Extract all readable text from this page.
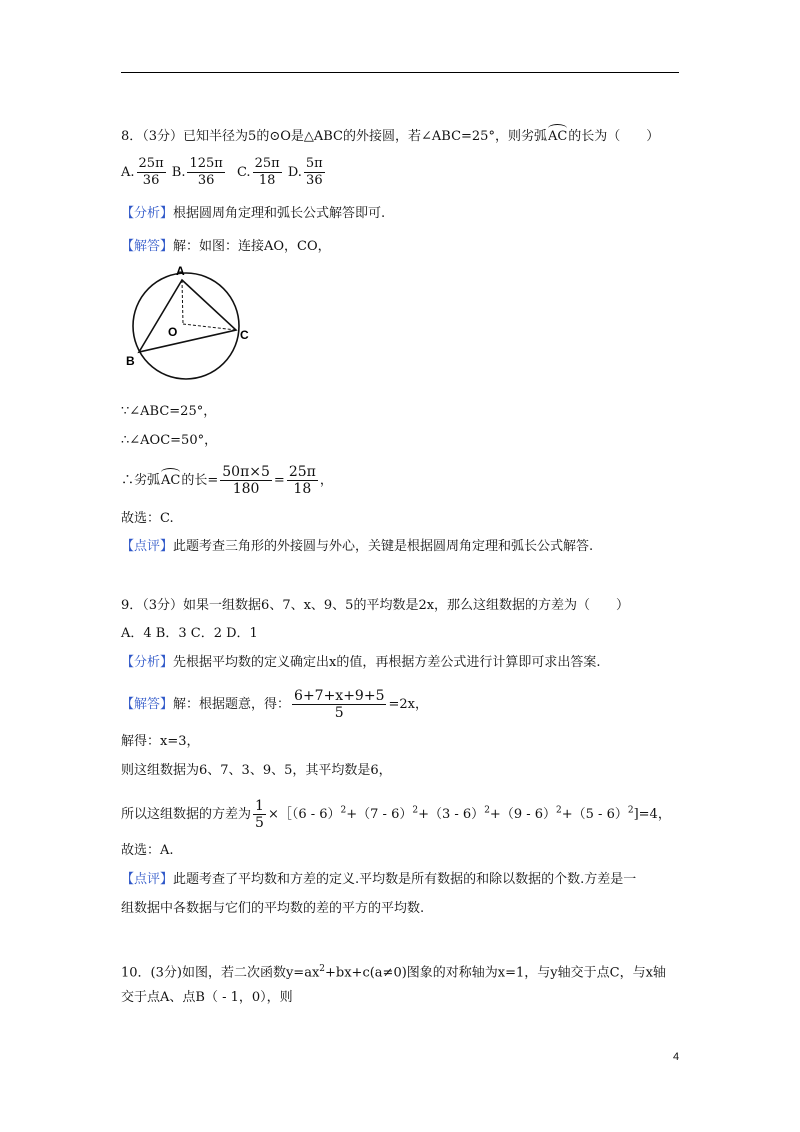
8．（3分）已知半径为5的⊙O是△ABC的外接圆，若∠ABC=25°，则劣弧AC的长为（　　）
A. $\frac{25\pi}{36} B$. $\frac{125\pi}{36} C$. $\frac{25\pi}{18} D$. $\frac{5\pi}{36}$
【分析】根据圆周角定理和弧长公式解答即可.
【解答】解：如图：连接AO，CO，
A
O	C
B
∵∠ABC=25°，
∴∠AOC=50°，
∴劣弧AC的长= $\frac{50\pi\times 5}{180} = \frac{25\pi}{18}$ ，
故选：C.
【点评】此题考查三角形的外接圆与外心，关键是根据圆周角定理和弧长公式解答.
9．（3分）如果一组数据6、7、x、9、5的平均数是2x，那么这组数据的方差为（　　）
A．4 B．3 C．2 D．1
【分析】先根据平均数的定义确定出x的值，再根据方差公式进行计算即可求出答案.
【解答】解：根据题意，得： $\frac{6+7+x+9+5}{5} =2x$，
解得：x=3，
则这组数据为6、7、3、9、5，其平均数是6，
所以这组数据的方差为 $\frac{1}{5}$ ×［（6 - 6）$^2$+（7 - 6）$^2$+（3 - 6）$^2$+（9 - 6）$^2$+（5 - 6）$^2$]=4，
故选：A.
【点评】此题考查了平均数和方差的定义.平均数是所有数据的和除以数据的个数.方差是一
组数据中各数据与它们的平均数的差的平方的平均数.
10．(3分)如图，若二次函数$y=ax^2+bx+c(a\ne 0)$图象的对称轴为x=1，与y轴交于点C，与x轴
交于点A、点B（ - 1，0），则
4
